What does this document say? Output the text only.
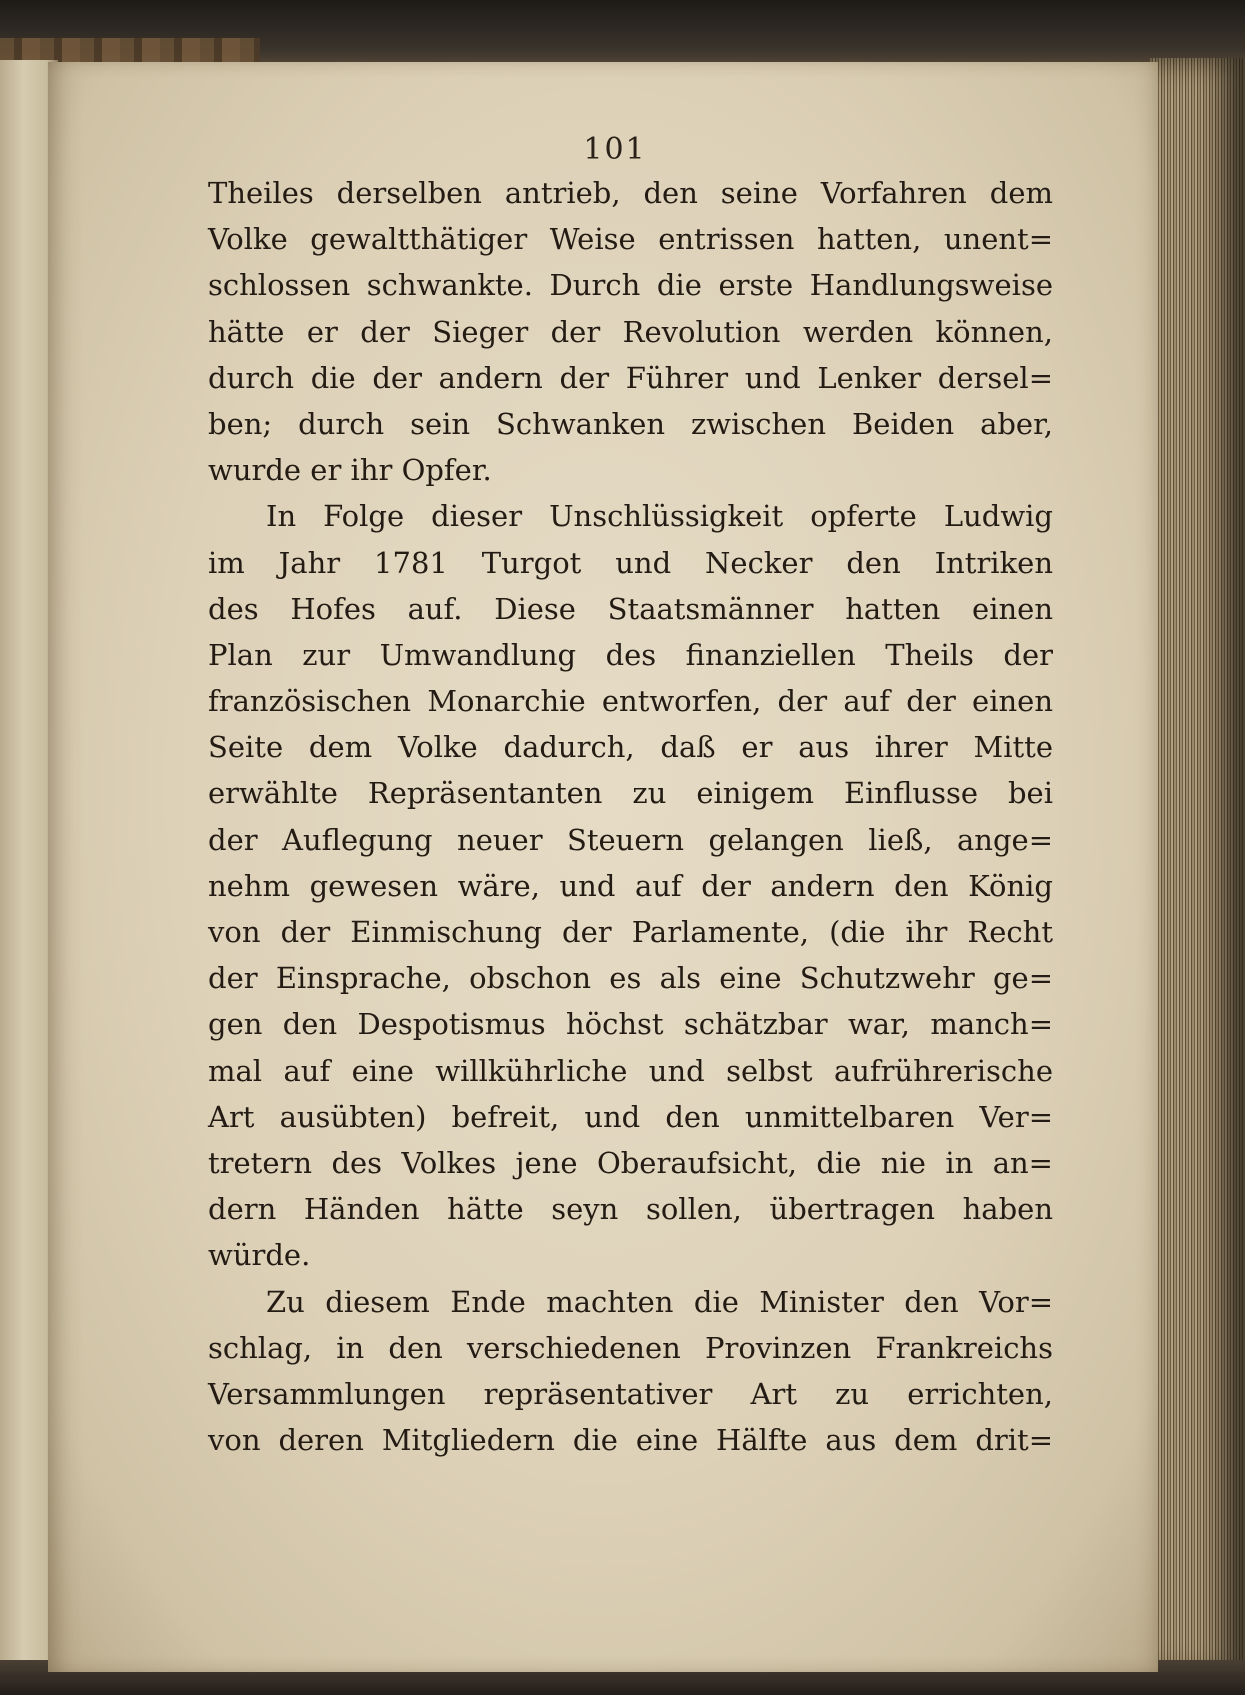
101
Theiles derselben antrieb, den seine Vorfahren dem
Volke gewaltthätiger Weise entrissen hatten, unent=
schlossen schwankte. Durch die erste Handlungsweise
hätte er der Sieger der Revolution werden können,
durch die der andern der Führer und Lenker dersel=
ben; durch sein Schwanken zwischen Beiden aber,
wurde er ihr Opfer.
In Folge dieser Unschlüssigkeit opferte Ludwig
im Jahr 1781 Turgot und Necker den Intriken
des Hofes auf. Diese Staatsmänner hatten einen
Plan zur Umwandlung des finanziellen Theils der
französischen Monarchie entworfen, der auf der einen
Seite dem Volke dadurch, daß er aus ihrer Mitte
erwählte Repräsentanten zu einigem Einflusse bei
der Auflegung neuer Steuern gelangen ließ, ange=
nehm gewesen wäre, und auf der andern den König
von der Einmischung der Parlamente, (die ihr Recht
der Einsprache, obschon es als eine Schutzwehr ge=
gen den Despotismus höchst schätzbar war, manch=
mal auf eine willkührliche und selbst aufrührerische
Art ausübten) befreit, und den unmittelbaren Ver=
tretern des Volkes jene Oberaufsicht, die nie in an=
dern Händen hätte seyn sollen, übertragen haben
würde.
Zu diesem Ende machten die Minister den Vor=
schlag, in den verschiedenen Provinzen Frankreichs
Versammlungen repräsentativer Art zu errichten,
von deren Mitgliedern die eine Hälfte aus dem drit=
